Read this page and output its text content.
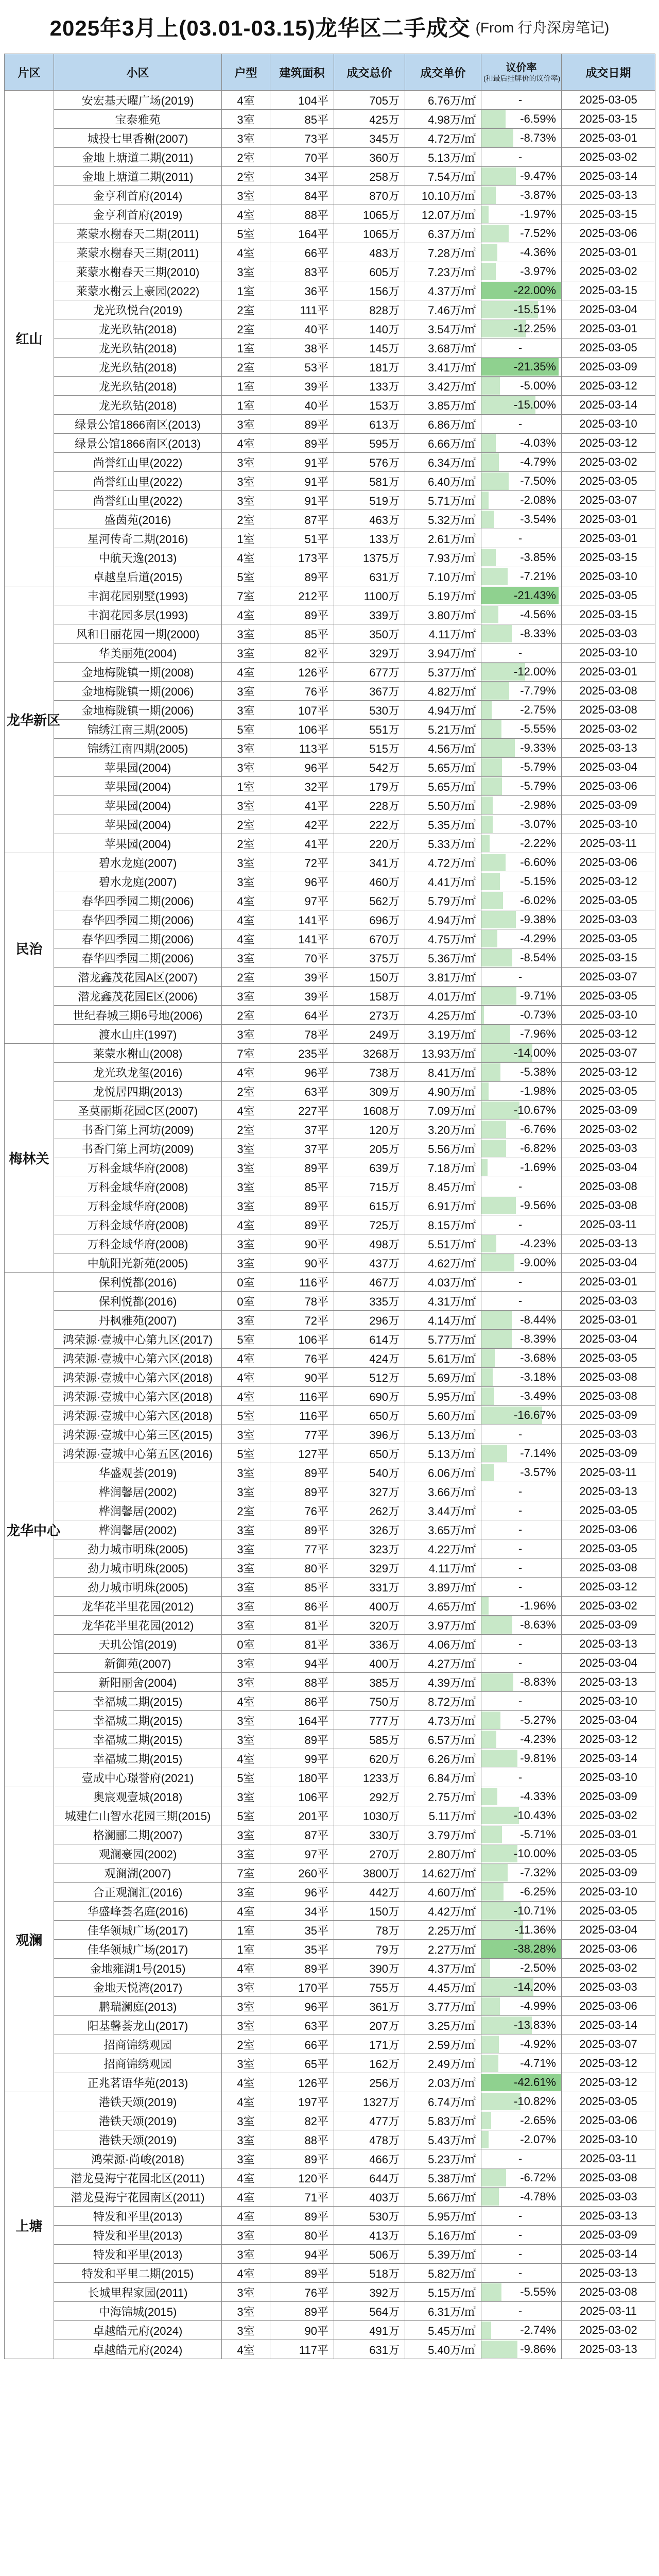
2025年3月上(03.01-03.15)龙华区二手成交 (From 行舟深房笔记)
片区	小区	户型	建筑面积	成交总价	成交单价	议价率
(和最后挂牌价的议价率)	成交日期
红山	安宏基天曜广场(2019)	4室	104平	705万	6.76万/㎡	-	2025-03-05
	宝泰雅苑	3室	85平	425万	4.98万/㎡	-6.59%	2025-03-15
	城投七里香榭(2007)	3室	73平	345万	4.72万/㎡	-8.73%	2025-03-01
	金地上塘道二期(2011)	2室	70平	360万	5.13万/㎡	-	2025-03-02
	金地上塘道二期(2011)	2室	34平	258万	7.54万/㎡	-9.47%	2025-03-14
	金亨利首府(2014)	3室	84平	870万	10.10万/㎡	-3.87%	2025-03-13
	金亨利首府(2019)	4室	88平	1065万	12.07万/㎡	-1.97%	2025-03-15
	莱蒙水榭春天二期(2011)	5室	164平	1065万	6.37万/㎡	-7.52%	2025-03-06
	莱蒙水榭春天三期(2011)	4室	66平	483万	7.28万/㎡	-4.36%	2025-03-01
	莱蒙水榭春天三期(2010)	3室	83平	605万	7.23万/㎡	-3.97%	2025-03-02
	莱蒙水榭云上豪园(2022)	1室	36平	156万	4.37万/㎡	-22.00%	2025-03-15
	龙光玖悦台(2019)	2室	111平	828万	7.46万/㎡	-15.51%	2025-03-04
	龙光玖钻(2018)	2室	40平	140万	3.54万/㎡	-12.25%	2025-03-01
	龙光玖钻(2018)	1室	38平	145万	3.68万/㎡	-	2025-03-05
	龙光玖钻(2018)	2室	53平	181万	3.41万/㎡	-21.35%	2025-03-09
	龙光玖钻(2018)	1室	39平	133万	3.42万/㎡	-5.00%	2025-03-12
	龙光玖钻(2018)	1室	40平	153万	3.85万/㎡	-15.00%	2025-03-14
	绿景公馆1866南区(2013)	3室	89平	613万	6.86万/㎡	-	2025-03-10
	绿景公馆1866南区(2013)	4室	89平	595万	6.66万/㎡	-4.03%	2025-03-12
	尚誉红山里(2022)	3室	91平	576万	6.34万/㎡	-4.79%	2025-03-02
	尚誉红山里(2022)	3室	91平	581万	6.40万/㎡	-7.50%	2025-03-05
	尚誉红山里(2022)	3室	91平	519万	5.71万/㎡	-2.08%	2025-03-07
	盛茵苑(2016)	2室	87平	463万	5.32万/㎡	-3.54%	2025-03-01
	星河传奇二期(2016)	1室	51平	133万	2.61万/㎡	-	2025-03-01
	中航天逸(2013)	4室	173平	1375万	7.93万/㎡	-3.85%	2025-03-15
	卓越皇后道(2015)	5室	89平	631万	7.10万/㎡	-7.21%	2025-03-10
龙华新区	丰润花园别墅(1993)	7室	212平	1100万	5.19万/㎡	-21.43%	2025-03-05
	丰润花园多层(1993)	4室	89平	339万	3.80万/㎡	-4.56%	2025-03-15
	风和日丽花园一期(2000)	3室	85平	350万	4.11万/㎡	-8.33%	2025-03-03
	华美丽苑(2004)	3室	82平	329万	3.94万/㎡	-	2025-03-10
	金地梅陇镇一期(2008)	4室	126平	677万	5.37万/㎡	-12.00%	2025-03-01
	金地梅陇镇一期(2006)	3室	76平	367万	4.82万/㎡	-7.79%	2025-03-08
	金地梅陇镇一期(2006)	3室	107平	530万	4.94万/㎡	-2.75%	2025-03-08
	锦绣江南三期(2005)	5室	106平	551万	5.21万/㎡	-5.55%	2025-03-02
	锦绣江南四期(2005)	3室	113平	515万	4.56万/㎡	-9.33%	2025-03-13
	苹果园(2004)	3室	96平	542万	5.65万/㎡	-5.79%	2025-03-04
	苹果园(2004)	1室	32平	179万	5.65万/㎡	-5.79%	2025-03-06
	苹果园(2004)	3室	41平	228万	5.50万/㎡	-2.98%	2025-03-09
	苹果园(2004)	2室	42平	222万	5.35万/㎡	-3.07%	2025-03-10
	苹果园(2004)	2室	41平	220万	5.33万/㎡	-2.22%	2025-03-11
民治	碧水龙庭(2007)	3室	72平	341万	4.72万/㎡	-6.60%	2025-03-06
	碧水龙庭(2007)	3室	96平	460万	4.41万/㎡	-5.15%	2025-03-12
	春华四季园二期(2006)	4室	97平	562万	5.79万/㎡	-6.02%	2025-03-05
	春华四季园二期(2006)	4室	141平	696万	4.94万/㎡	-9.38%	2025-03-03
	春华四季园二期(2006)	4室	141平	670万	4.75万/㎡	-4.29%	2025-03-05
	春华四季园二期(2006)	3室	70平	375万	5.36万/㎡	-8.54%	2025-03-15
	潜龙鑫茂花园A区(2007)	2室	39平	150万	3.81万/㎡	-	2025-03-07
	潜龙鑫茂花园E区(2006)	3室	39平	158万	4.01万/㎡	-9.71%	2025-03-05
	世纪春城三期6号地(2006)	2室	64平	273万	4.25万/㎡	-0.73%	2025-03-10
	渡水山庄(1997)	3室	78平	249万	3.19万/㎡	-7.96%	2025-03-12
梅林关	莱蒙水榭山(2008)	7室	235平	3268万	13.93万/㎡	-14.00%	2025-03-07
	龙光玖龙玺(2016)	4室	96平	738万	8.41万/㎡	-5.38%	2025-03-12
	龙悦居四期(2013)	2室	63平	309万	4.90万/㎡	-1.98%	2025-03-05
	圣莫丽斯花园C区(2007)	4室	227平	1608万	7.09万/㎡	-10.67%	2025-03-09
	书香门第上河坊(2009)	2室	37平	120万	3.20万/㎡	-6.76%	2025-03-02
	书香门第上河坊(2009)	3室	37平	205万	5.56万/㎡	-6.82%	2025-03-03
	万科金域华府(2008)	3室	89平	639万	7.18万/㎡	-1.69%	2025-03-04
	万科金域华府(2008)	3室	85平	715万	8.45万/㎡	-	2025-03-08
	万科金域华府(2008)	3室	89平	615万	6.91万/㎡	-9.56%	2025-03-08
	万科金域华府(2008)	4室	89平	725万	8.15万/㎡	-	2025-03-11
	万科金域华府(2008)	3室	90平	498万	5.51万/㎡	-4.23%	2025-03-13
	中航阳光新苑(2005)	3室	90平	437万	4.62万/㎡	-9.00%	2025-03-04
龙华中心	保利悦都(2016)	0室	116平	467万	4.03万/㎡	-	2025-03-01
	保利悦都(2016)	0室	78平	335万	4.31万/㎡	-	2025-03-03
	丹枫雅苑(2007)	3室	72平	296万	4.14万/㎡	-8.44%	2025-03-01
	鸿荣源·壹城中心第九区(2017)	5室	106平	614万	5.77万/㎡	-8.39%	2025-03-04
	鸿荣源·壹城中心第六区(2018)	4室	76平	424万	5.61万/㎡	-3.68%	2025-03-05
	鸿荣源·壹城中心第六区(2018)	4室	90平	512万	5.69万/㎡	-3.18%	2025-03-08
	鸿荣源·壹城中心第六区(2018)	4室	116平	690万	5.95万/㎡	-3.49%	2025-03-08
	鸿荣源·壹城中心第六区(2018)	5室	116平	650万	5.60万/㎡	-16.67%	2025-03-09
	鸿荣源·壹城中心第三区(2015)	3室	77平	396万	5.13万/㎡	-	2025-03-03
	鸿荣源·壹城中心第五区(2016)	5室	127平	650万	5.13万/㎡	-7.14%	2025-03-09
	华盛观荟(2019)	3室	89平	540万	6.06万/㎡	-3.57%	2025-03-11
	桦润馨居(2002)	3室	89平	327万	3.66万/㎡	-	2025-03-13
	桦润馨居(2002)	2室	76平	262万	3.44万/㎡	-	2025-03-05
	桦润馨居(2002)	3室	89平	326万	3.65万/㎡	-	2025-03-06
	劲力城市明珠(2005)	3室	77平	323万	4.22万/㎡	-	2025-03-05
	劲力城市明珠(2005)	3室	80平	329万	4.11万/㎡	-	2025-03-08
	劲力城市明珠(2005)	3室	85平	331万	3.89万/㎡	-	2025-03-12
	龙华花半里花园(2012)	3室	86平	400万	4.65万/㎡	-1.96%	2025-03-02
	龙华花半里花园(2012)	3室	81平	320万	3.97万/㎡	-8.63%	2025-03-09
	天玑公馆(2019)	0室	81平	336万	4.06万/㎡	-	2025-03-13
	新御苑(2007)	3室	94平	400万	4.27万/㎡	-	2025-03-04
	新阳丽舍(2004)	3室	88平	385万	4.39万/㎡	-8.83%	2025-03-13
	幸福城二期(2015)	4室	86平	750万	8.72万/㎡	-	2025-03-10
	幸福城二期(2015)	3室	164平	777万	4.73万/㎡	-5.27%	2025-03-04
	幸福城二期(2015)	3室	89平	585万	6.57万/㎡	-4.23%	2025-03-12
	幸福城二期(2015)	4室	99平	620万	6.26万/㎡	-9.81%	2025-03-14
	壹成中心璟誉府(2021)	5室	180平	1233万	6.84万/㎡	-	2025-03-10
观澜	奥宸观壹城(2018)	3室	106平	292万	2.75万/㎡	-4.33%	2025-03-09
	城建仁山智水花园三期(2015)	5室	201平	1030万	5.11万/㎡	-10.43%	2025-03-02
	格澜郦二期(2007)	3室	87平	330万	3.79万/㎡	-5.71%	2025-03-01
	观澜豪园(2002)	3室	97平	270万	2.80万/㎡	-10.00%	2025-03-05
	观澜湖(2007)	7室	260平	3800万	14.62万/㎡	-7.32%	2025-03-09
	合正观澜汇(2016)	3室	96平	442万	4.60万/㎡	-6.25%	2025-03-10
	华盛峰荟名庭(2016)	4室	34平	150万	4.42万/㎡	-10.71%	2025-03-05
	佳华领城广场(2017)	1室	35平	78万	2.25万/㎡	-11.36%	2025-03-04
	佳华领城广场(2017)	1室	35平	79万	2.27万/㎡	-38.28%	2025-03-06
	金地雍湖1号(2015)	4室	89平	390万	4.37万/㎡	-2.50%	2025-03-02
	金地天悦湾(2017)	3室	170平	755万	4.45万/㎡	-14.20%	2025-03-03
	鹏瑞澜庭(2013)	3室	96平	361万	3.77万/㎡	-4.99%	2025-03-06
	阳基馨荟龙山(2017)	3室	63平	207万	3.25万/㎡	-13.83%	2025-03-14
	招商锦绣观园	2室	66平	171万	2.59万/㎡	-4.92%	2025-03-07
	招商锦绣观园	3室	65平	162万	2.49万/㎡	-4.71%	2025-03-12
	正兆茗语华苑(2013)	4室	126平	256万	2.03万/㎡	-42.61%	2025-03-12
上塘	港铁天颂(2019)	4室	197平	1327万	6.74万/㎡	-10.82%	2025-03-05
	港铁天颂(2019)	3室	82平	477万	5.83万/㎡	-2.65%	2025-03-06
	港铁天颂(2019)	3室	88平	478万	5.43万/㎡	-2.07%	2025-03-10
	鸿荣源·尚峻(2018)	3室	89平	466万	5.23万/㎡	-	2025-03-11
	潜龙曼海宁花园北区(2011)	4室	120平	644万	5.38万/㎡	-6.72%	2025-03-08
	潜龙曼海宁花园南区(2011)	4室	71平	403万	5.66万/㎡	-4.78%	2025-03-03
	特发和平里(2013)	4室	89平	530万	5.95万/㎡	-	2025-03-13
	特发和平里(2013)	3室	80平	413万	5.16万/㎡	-	2025-03-09
	特发和平里(2013)	3室	94平	506万	5.39万/㎡	-	2025-03-14
	特发和平里二期(2015)	4室	89平	518万	5.82万/㎡	-	2025-03-13
	长城里程家园(2011)	3室	76平	392万	5.15万/㎡	-5.55%	2025-03-08
	中海锦城(2015)	3室	89平	564万	6.31万/㎡	-	2025-03-11
	卓越皓元府(2024)	3室	90平	491万	5.45万/㎡	-2.74%	2025-03-02
	卓越皓元府(2024)	4室	117平	631万	5.40万/㎡	-9.86%	2025-03-13
